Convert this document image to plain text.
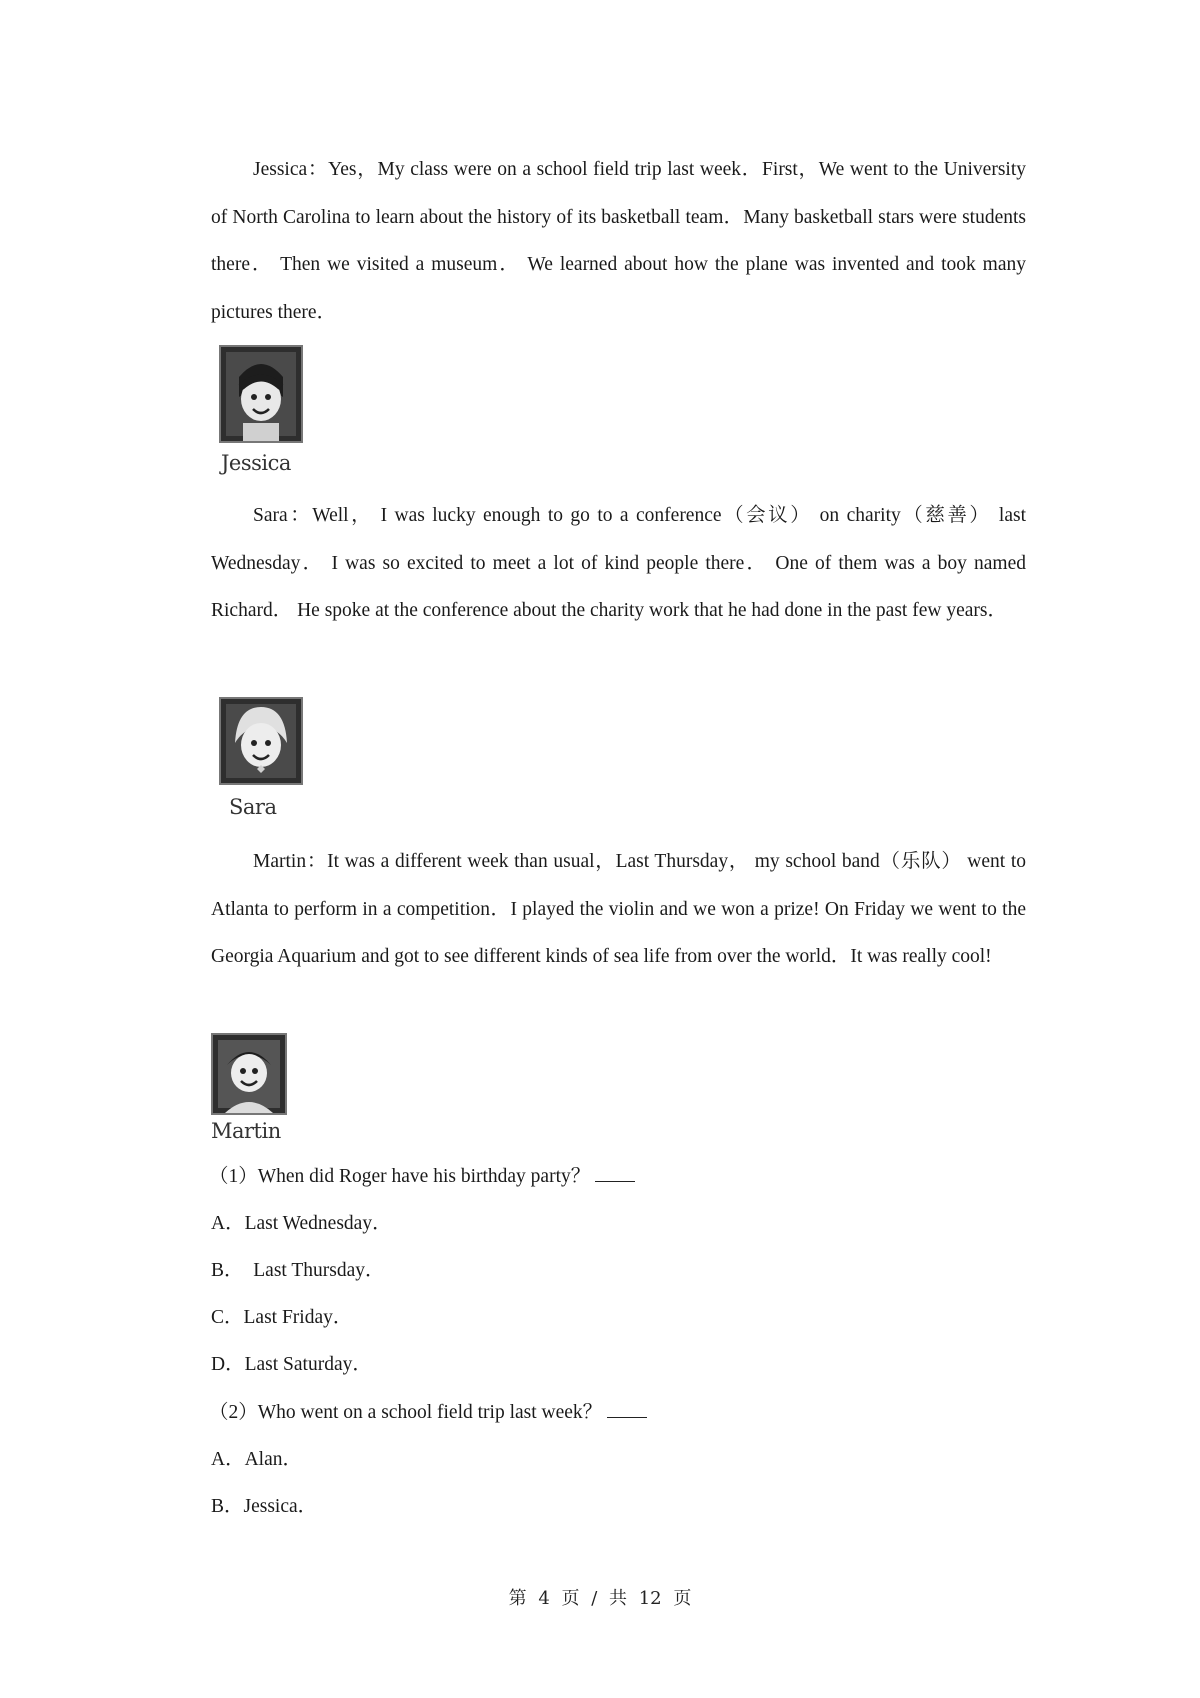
Jessica：Yes，My class were on a school field trip last week．First，We went to the University of North Carolina to learn about the history of its basketball team．Many basketball stars were students there． Then we visited a museum． We learned about how the plane was invented and took many pictures there．
Jessica
Sara：Well， I was lucky enough to go to a conference（会议） on charity（慈善） last Wednesday． I was so excited to meet a lot of kind people there． One of them was a boy named Richard． He spoke at the conference about the charity work that he had done in the past few years．
Sara
Martin：It was a different week than usual，Last Thursday， my school band（乐队） went to Atlanta to perform in a competition．I played the violin and we won a prize! On Friday we went to the Georgia Aquarium and got to see different kinds of sea life from over the world．It was really cool!
Martin
（1）When did Roger have his birthday party？
A．Last Wednesday．
B．  Last Thursday．
C．Last Friday．
D．Last Saturday．
（2）Who went on a school field trip last week？
A．Alan．
B．Jessica．
第 4 页 / 共 12 页
